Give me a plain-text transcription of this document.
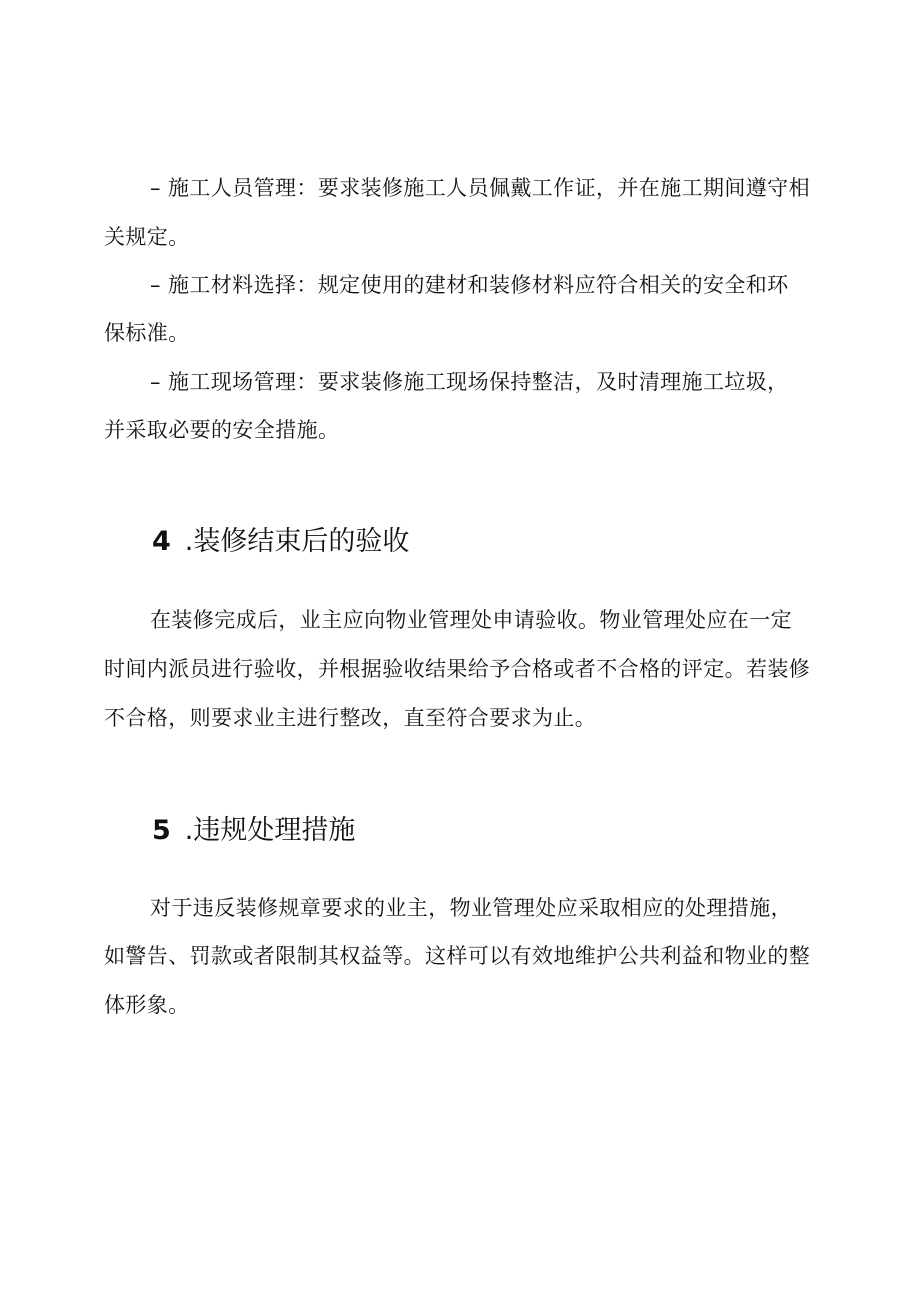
– 施工人员管理：要求装修施工人员佩戴工作证，并在施工期间遵守相
关规定。
– 施工材料选择：规定使用的建材和装修材料应符合相关的安全和环
保标准。
– 施工现场管理：要求装修施工现场保持整洁，及时清理施工垃圾，
并采取必要的安全措施。
4 .装修结束后的验收
在装修完成后，业主应向物业管理处申请验收。物业管理处应在一定
时间内派员进行验收，并根据验收结果给予合格或者不合格的评定。若装修
不合格，则要求业主进行整改，直至符合要求为止。
5 .违规处理措施
对于违反装修规章要求的业主，物业管理处应采取相应的处理措施，
如警告、罚款或者限制其权益等。这样可以有效地维护公共利益和物业的整
体形象。
